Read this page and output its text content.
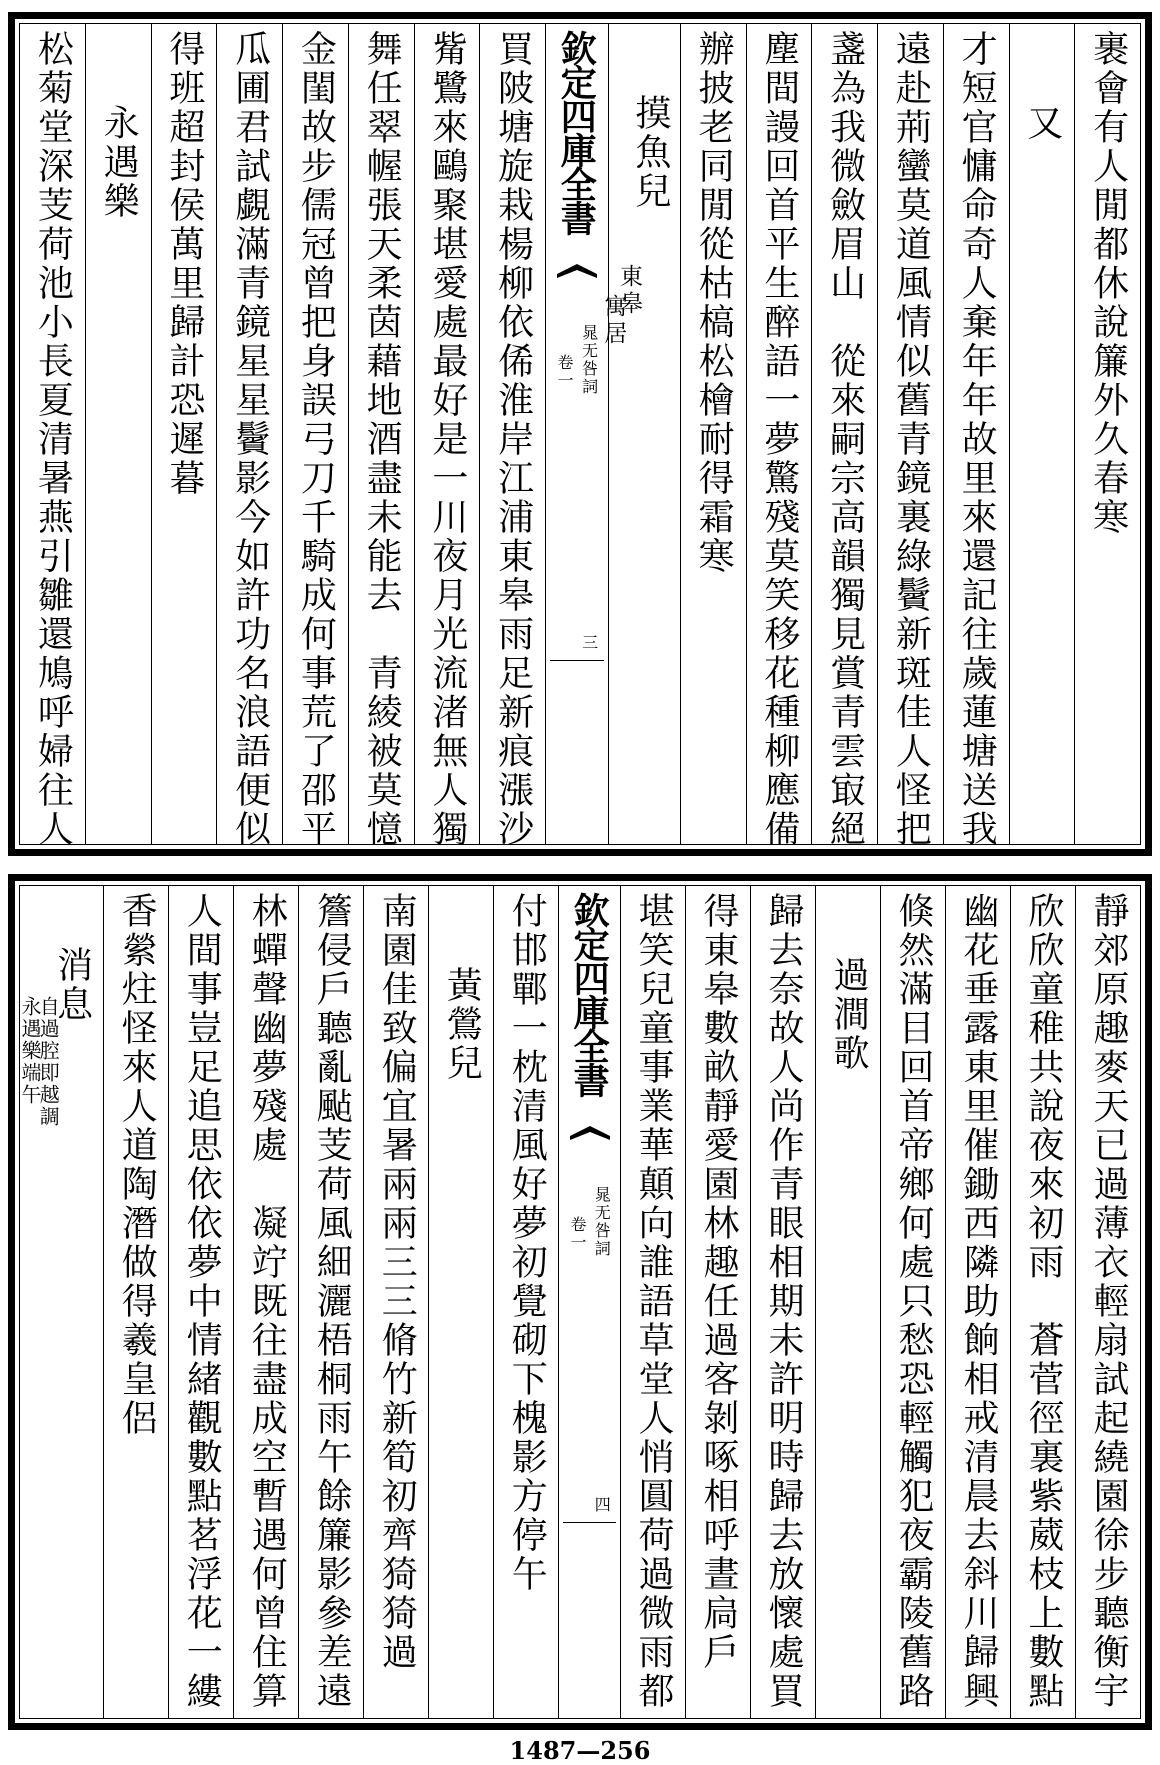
裹會有人閒都休說簾外久春寒
又
才短官慵命奇人棄年年故里來還記往歲蓮塘送我
遠赴荊蠻莫道風情似舊青鏡裏綠鬢新斑佳人怪把
盞為我微斂眉山　從來嗣宗高韻獨見賞青雲㝡絕
塵間謾回首平生醉語一夢驚殘莫笑移花種柳應備
辦披老同閒從枯槁松檜耐得霜寒
摸魚兒
東皋
寓居
欽定四庫全書
晁无咎詞
卷一
三
買陂塘旋栽楊柳依俙淮岸江浦東皋雨足新痕漲沙
觜鷺來鷗聚堪愛處最好是一川夜月光流渚無人獨
舞任翠幄張天柔茵藉地酒盡未能去　青綾被莫憶
金閨故步儒冠曾把身誤弓刀千騎成何事荒了邵平
瓜圃君試覷滿青鏡星星鬢影今如許功名浪語便似
得班超封侯萬里歸計恐遲暮
永遇樂
松菊堂深芰荷池小長夏清暑燕引雛還鳩呼婦往人
靜郊原趣麥天已過薄衣輕扇試起繞園徐步聽衡宇
欣欣童稚共說夜來初雨　蒼菅徑裏紫葳枝上數點
幽花垂露東里催鋤西隣助餉相戒清晨去斜川歸興
倏然滿目回首帝鄉何處只愁恐輕觸犯夜霸陵舊路
過澗歌
歸去奈故人尚作青眼相期未許明時歸去放懷處買
得東皋數畝靜愛園林趣任過客剝啄相呼晝扃戶
堪笑兒童事業華顛向誰語草堂人悄圓荷過微雨都
欽定四庫全書
晁无咎詞
卷一
四
付邯鄲一枕清風好夢初覺砌下槐影方停午
黃鶯兒
南園佳致偏宜暑兩兩三三脩竹新筍初齊猗猗過
簷侵戶聽亂颭芰荷風細灑梧桐雨午餘簾影參差遠
林蟬聲幽夢殘處　凝竚既往盡成空暫遇何曾住算
人間事豈足追思依依夢中情緒觀數點茗浮花一縷
香縈炷怪來人道陶潛做得羲皇侶
消息
自過腔即越調
永遇樂端午
1487—256
